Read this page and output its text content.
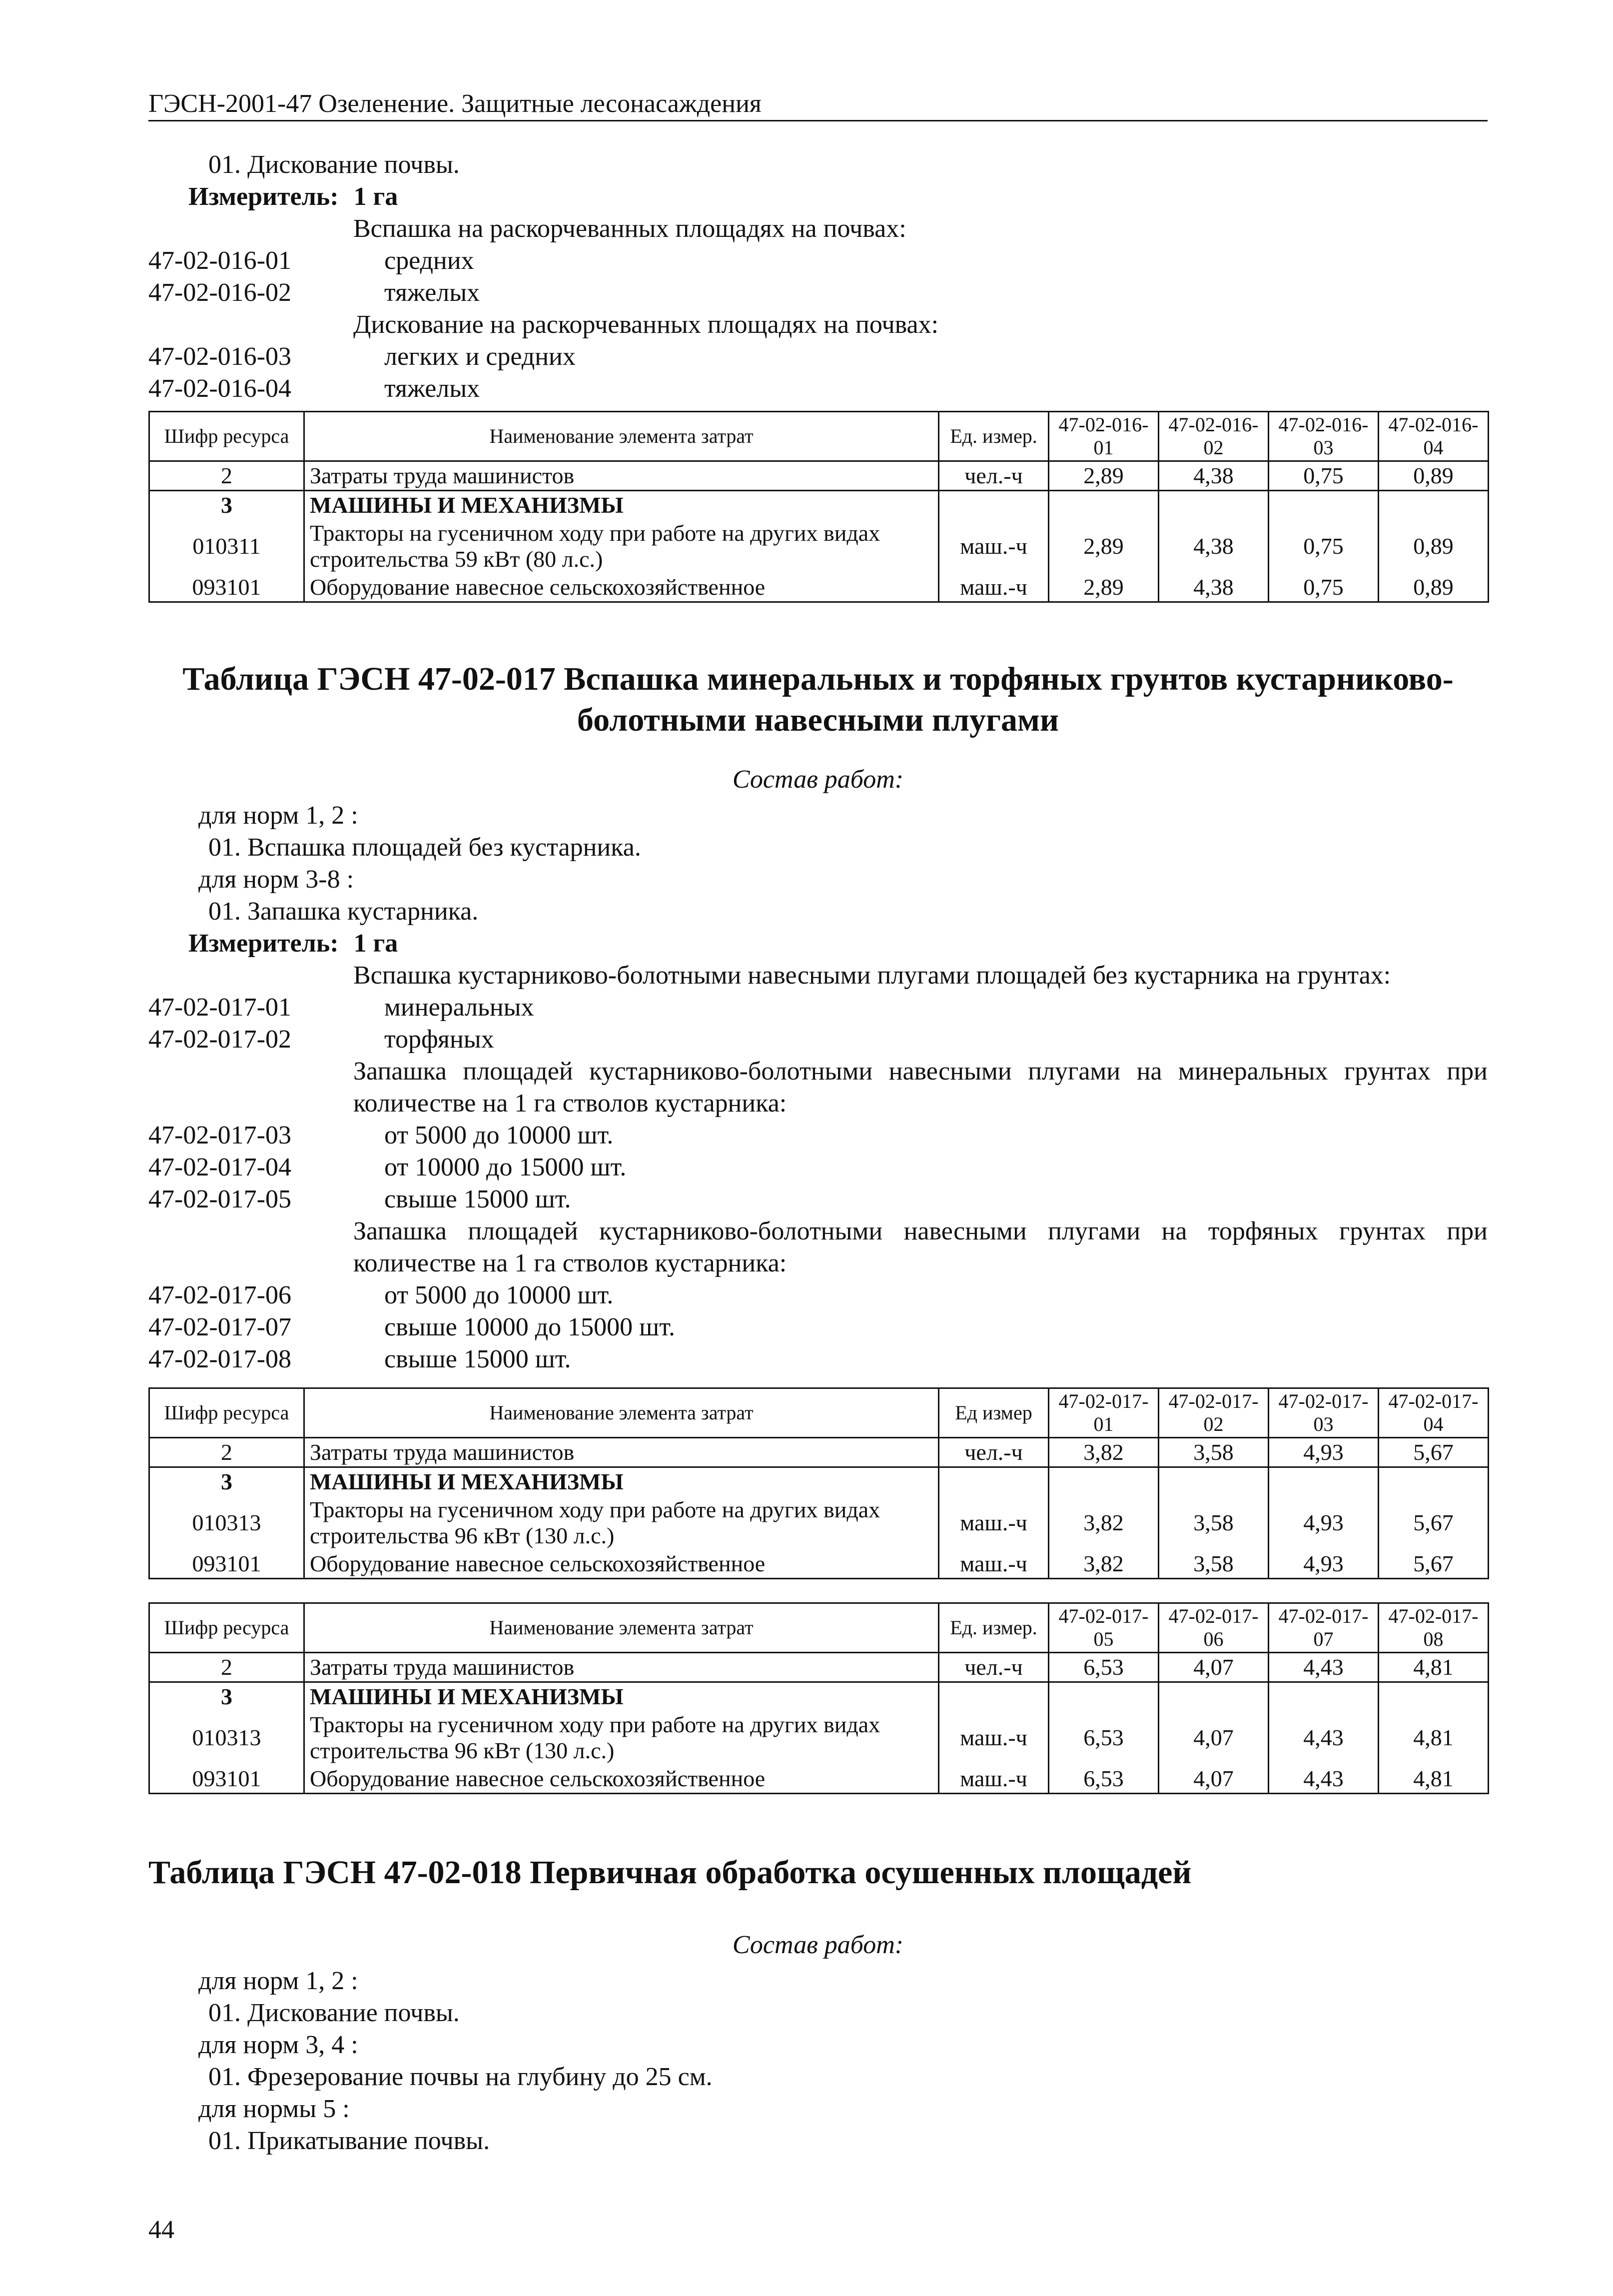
ГЭСН-2001-47 Озеленение. Защитные лесонасаждения
01. Дискование почвы.
Измеритель: 1 га
Вспашка на раскорчеванных площадях на почвах:
47-02-016-01	средних
47-02-016-02	тяжелых
Дискование на раскорчеванных площадях на почвах:
47-02-016-03	легких и средних
47-02-016-04	тяжелых
Шифр ресурса	Наименование элемента затрат	Ед. измер.	47-02-016-01	47-02-016-02	47-02-016-03	47-02-016-04
2	Затраты труда машинистов	чел.-ч	2,89	4,38	0,75	0,89
3	МАШИНЫ И МЕХАНИЗМЫ					
010311	Тракторы на гусеничном ходу при работе на других видах строительства 59 кВт (80 л.с.)	маш.-ч	2,89	4,38	0,75	0,89
093101	Оборудование навесное сельскохозяйственное	маш.-ч	2,89	4,38	0,75	0,89
Таблица ГЭСН 47-02-017 Вспашка минеральных и торфяных грунтов кустарниково-болотными навесными плугами
Состав работ:
для норм 1, 2 :
01. Вспашка площадей без кустарника.
для норм 3-8 :
01. Запашка кустарника.
Измеритель: 1 га
Вспашка кустарниково-болотными навесными плугами площадей без кустарника на грунтах:
47-02-017-01	минеральных
47-02-017-02	торфяных
Запашка площадей кустарниково-болотными навесными плугами на минеральных грунтах при количестве на 1 га стволов кустарника:
47-02-017-03	от 5000 до 10000 шт.
47-02-017-04	от 10000 до 15000 шт.
47-02-017-05	свыше 15000 шт.
Запашка площадей кустарниково-болотными навесными плугами на торфяных грунтах при количестве на 1 га стволов кустарника:
47-02-017-06	от 5000 до 10000 шт.
47-02-017-07	свыше 10000 до 15000 шт.
47-02-017-08	свыше 15000 шт.
Шифр ресурса	Наименование элемента затрат	Ед измер	47-02-017-01	47-02-017-02	47-02-017-03	47-02-017-04
2	Затраты труда машинистов	чел.-ч	3,82	3,58	4,93	5,67
3	МАШИНЫ И МЕХАНИЗМЫ					
010313	Тракторы на гусеничном ходу при работе на других видах строительства 96 кВт (130 л.с.)	маш.-ч	3,82	3,58	4,93	5,67
093101	Оборудование навесное сельскохозяйственное	маш.-ч	3,82	3,58	4,93	5,67
Шифр ресурса	Наименование элемента затрат	Ед. измер.	47-02-017-05	47-02-017-06	47-02-017-07	47-02-017-08
2	Затраты труда машинистов	чел.-ч	6,53	4,07	4,43	4,81
3	МАШИНЫ И МЕХАНИЗМЫ					
010313	Тракторы на гусеничном ходу при работе на других видах строительства 96 кВт (130 л.с.)	маш.-ч	6,53	4,07	4,43	4,81
093101	Оборудование навесное сельскохозяйственное	маш.-ч	6,53	4,07	4,43	4,81
Таблица ГЭСН 47-02-018 Первичная обработка осушенных площадей
Состав работ:
для норм 1, 2 :
01. Дискование почвы.
для норм 3, 4 :
01. Фрезерование почвы на глубину до 25 см.
для нормы 5 :
01. Прикатывание почвы.
44
